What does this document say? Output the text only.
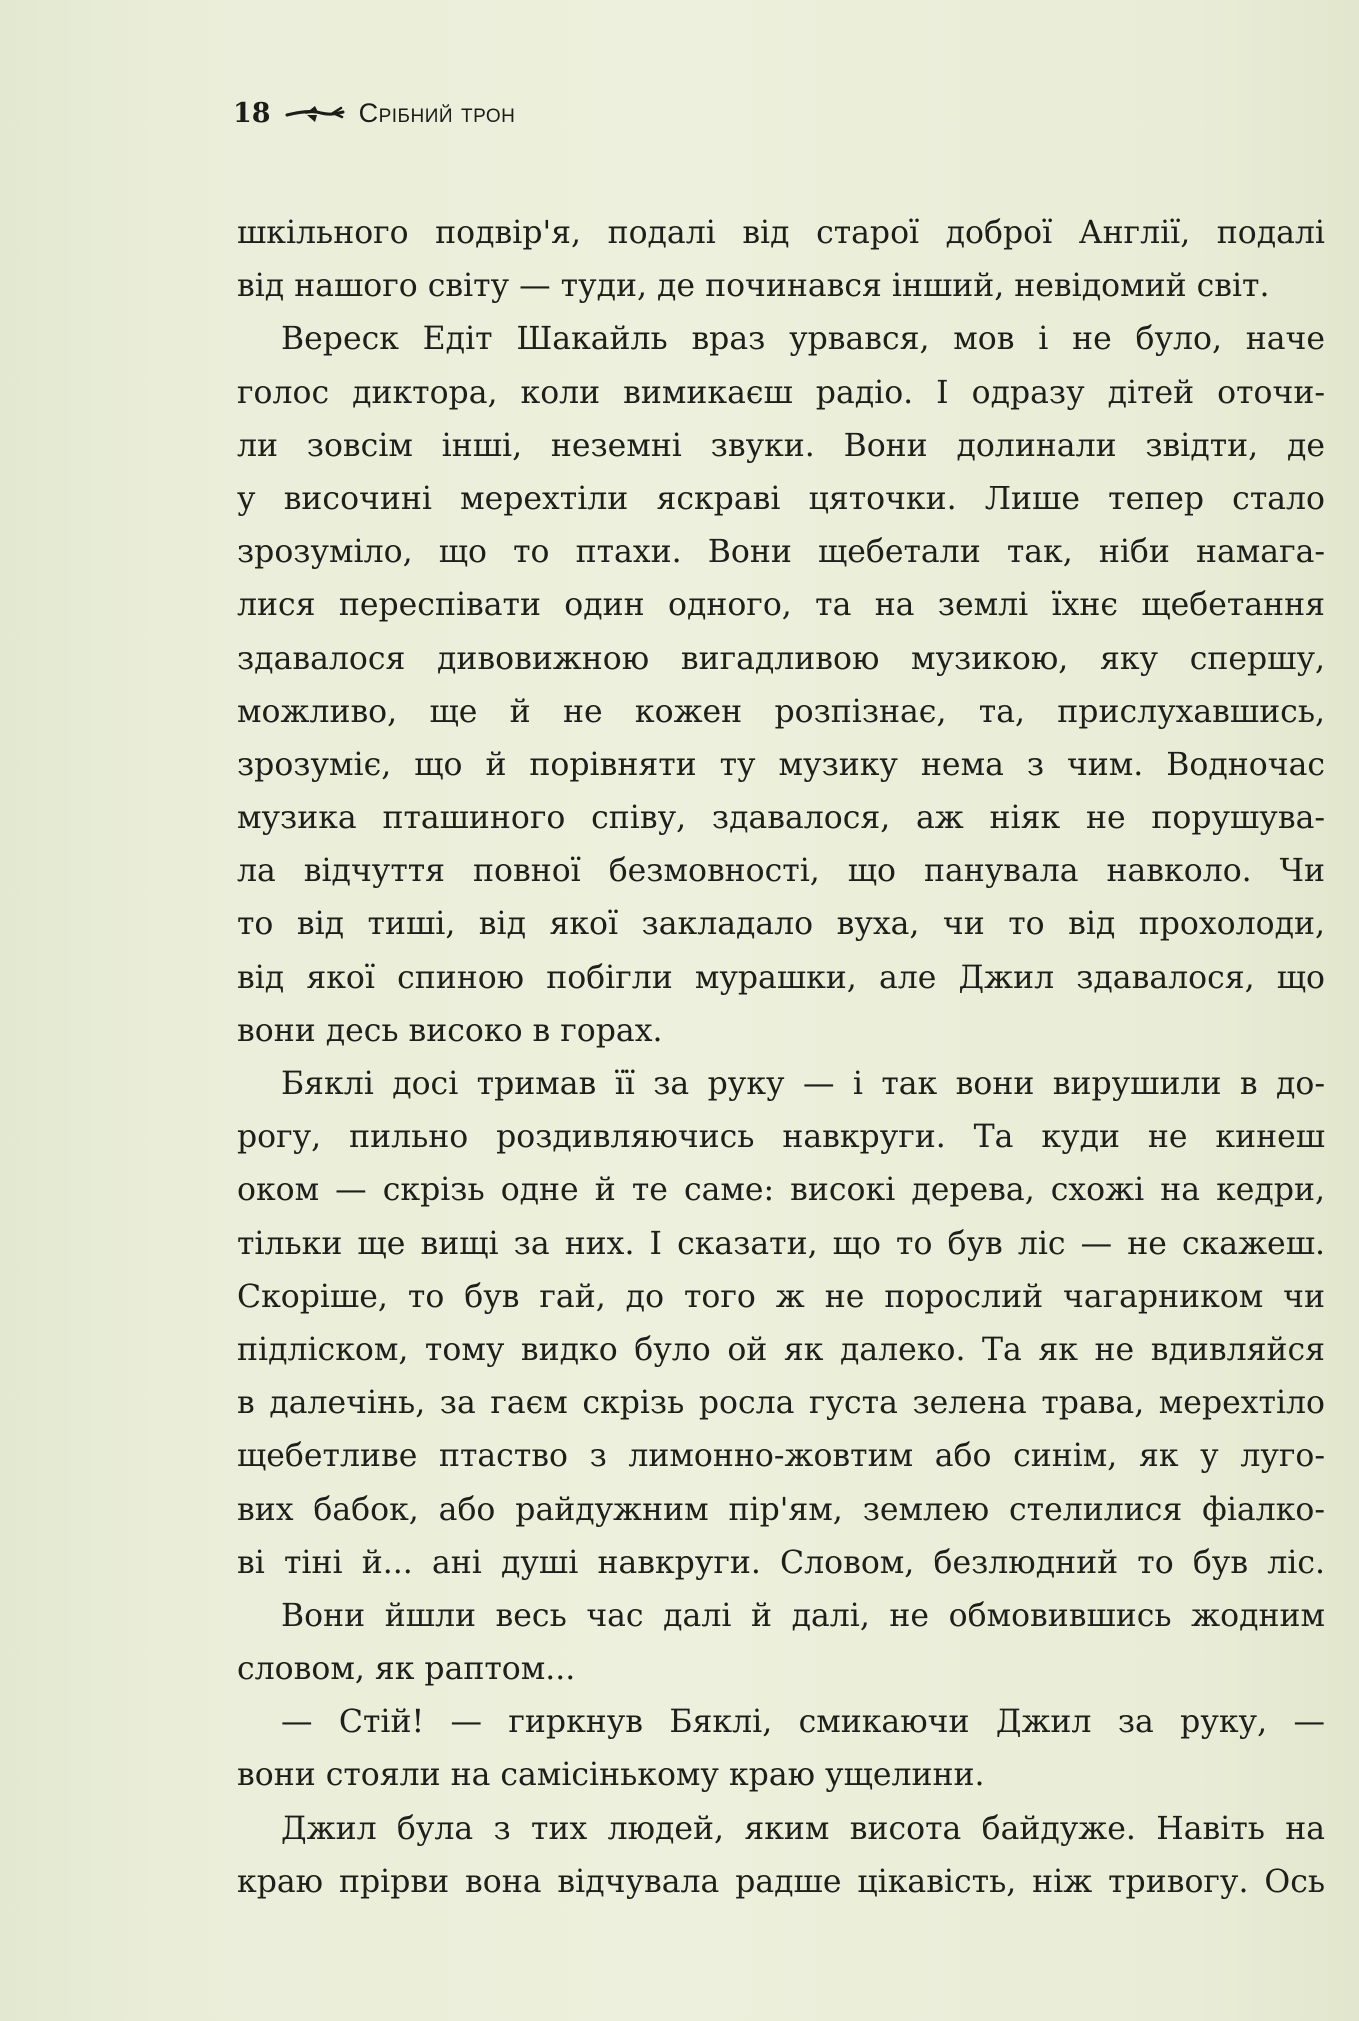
18	Срібний трон
шкільного подвір'я, подалі від старої доброї Англії, подалі
від нашого світу — туди, де починався інший, невідомий світ.
Вереск Едіт Шакайль враз урвався, мов і не було, наче
голос диктора, коли вимикаєш радіо. І одразу дітей оточи-
ли зовсім інші, неземні звуки. Вони долинали звідти, де
у височині мерехтіли яскраві цяточки. Лише тепер стало
зрозуміло, що то птахи. Вони щебетали так, ніби намага-
лися переспівати один одного, та на землі їхнє щебетання
здавалося дивовижною вигадливою музикою, яку спершу,
можливо, ще й не кожен розпізнає, та, прислухавшись,
зрозуміє, що й порівняти ту музику нема з чим. Водночас
музика пташиного співу, здавалося, аж ніяк не порушува-
ла відчуття повної безмовності, що панувала навколо. Чи
то від тиші, від якої закладало вуха, чи то від прохолоди,
від якої спиною побігли мурашки, але Джил здавалося, що
вони десь високо в горах.
Бяклі досі тримав її за руку — і так вони вирушили в до-
рогу, пильно роздивляючись навкруги. Та куди не кинеш
оком — скрізь одне й те саме: високі дерева, схожі на кедри,
тільки ще вищі за них. І сказати, що то був ліс — не скажеш.
Скоріше, то був гай, до того ж не порослий чагарником чи
підліском, тому видко було ой як далеко. Та як не вдивляйся
в далечінь, за гаєм скрізь росла густа зелена трава, мерехтіло
щебетливе птаство з лимонно-жовтим або синім, як у луго-
вих бабок, або райдужним пір'ям, землею стелилися фіалко-
ві тіні й... ані душі навкруги. Словом, безлюдний то був ліс.
Вони йшли весь час далі й далі, не обмовившись жодним
словом, як раптом...
— Стій! — гиркнув Бяклі, смикаючи Джил за руку, —
вони стояли на самісінькому краю ущелини.
Джил була з тих людей, яким висота байдуже. Навіть на
краю прірви вона відчувала радше цікавість, ніж тривогу. Ось
